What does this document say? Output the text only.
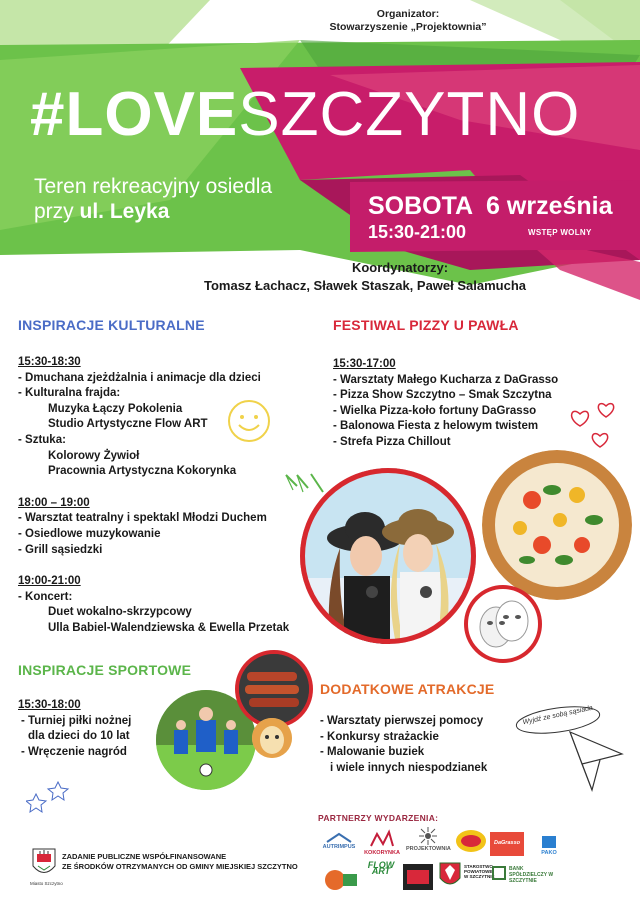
Organizator:
Stowarzyszenie „Projektownia”
#LOVESZCZYTNO
Teren rekreacyjny osiedla
przy ul. Leyka	SOBOTA  6 września
15:30-21:00	WSTĘP WOLNY
Koordynatorzy:
Tomasz Łachacz, Sławek Staszak, Paweł Salamucha
INSPIRACJE KULTURALNE
15:30-18:30
- Dmuchana zjeżdżalnia i animacje dla dzieci
- Kulturalna frajda:
Muzyka Łączy Pokolenia
Studio Artystyczne Flow ART
- Sztuka:
Kolorowy Żywioł
Pracownia Artystyczna Kokorynka
18:00 – 19:00
- Warsztat teatralny i spektakl Młodzi Duchem
- Osiedlowe muzykowanie
- Grill sąsiedzki
19:00-21:00
- Koncert:
Duet wokalno-skrzypcowy
Ulla Babiel-Walendziewska & Ewella Przetak
FESTIWAL PIZZY U PAWŁA
15:30-17:00
- Warsztaty Małego Kucharza z DaGrasso
- Pizza Show Szczytno – Smak Szczytna
- Wielka Pizza-koło fortuny DaGrasso
- Balonowa Fiesta z helowym twistem
- Strefa Pizza Chillout
INSPIRACJE SPORTOWE
15:30-18:00
- Turniej piłki nożnej
dla dzieci do 10 lat
- Wręczenie nagród
DODATKOWE ATRAKCJE
- Warsztaty pierwszej pomocy
- Konkursy strażackie
- Malowanie buziek
i wiele innych niespodzianek
Wyjdź ze sobą sąsiada
PARTNERZY WYDARZENIA:
AUTRIMPUS
KOKORYNKA
PROJEKTOWNIA
DaGrasso
PAKO
FLOW ART	STAROSTWO POWIATOWE W SZCZYTNIE
BANK SPÓŁDZIELCZY W SZCZYTNIE
Miasto Szczytno
ZADANIE PUBLICZNE WSPÓŁFINANSOWANE
ZE ŚRODKÓW OTRZYMANYCH OD GMINY MIEJSKIEJ SZCZYTNO
